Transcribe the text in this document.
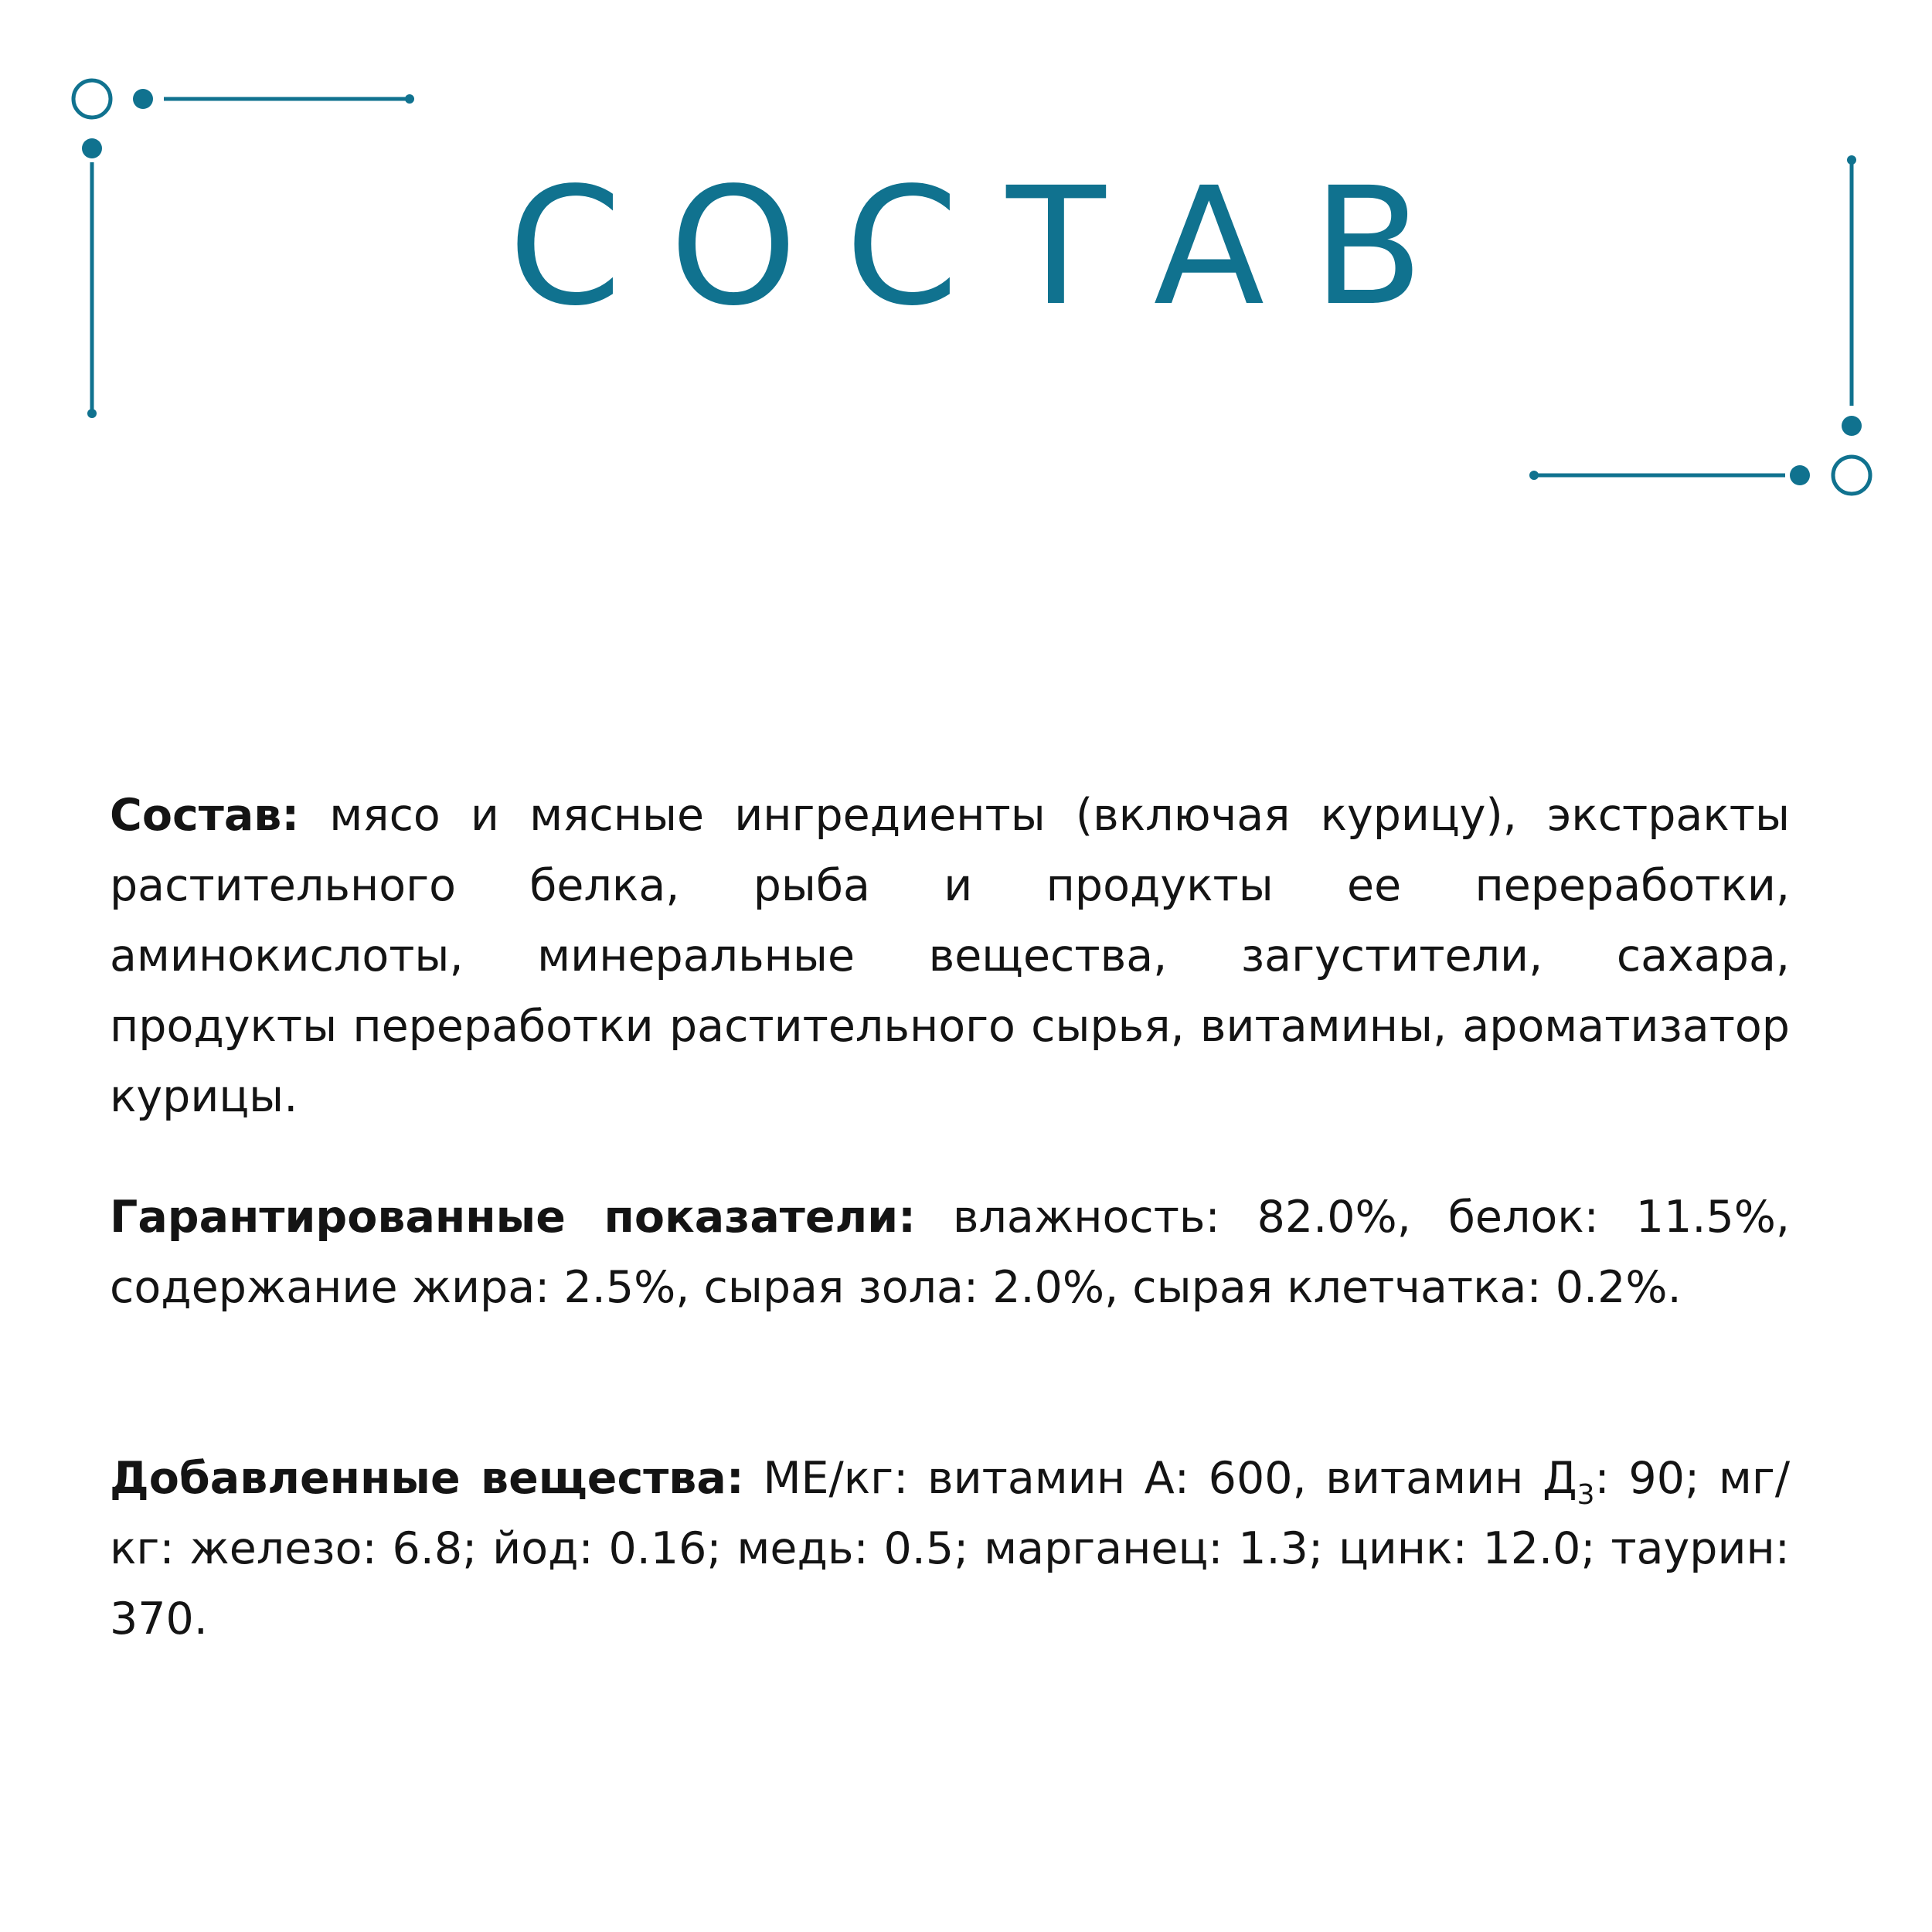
СОСТАВ

Состав: мясо и мясные ингредиенты (включая курицу), экстракты растительного белка, рыба и продукты ее переработки, аминокислоты, минеральные вещества, загустители, сахара, продукты переработки растительного сырья, витамины, ароматизатор курицы.

Гарантированные показатели: влажность: 82.0%, белок: 11.5%, содержание жира: 2.5%, сырая зола: 2.0%, сырая клетчатка: 0.2%.

Добавленные вещества: МЕ/кг: витамин А: 600, витамин $Д_3$: 90; мг/кг: железо: 6.8; йод: 0.16; медь: 0.5; марганец: 1.3; цинк: 12.0; таурин: 370.
